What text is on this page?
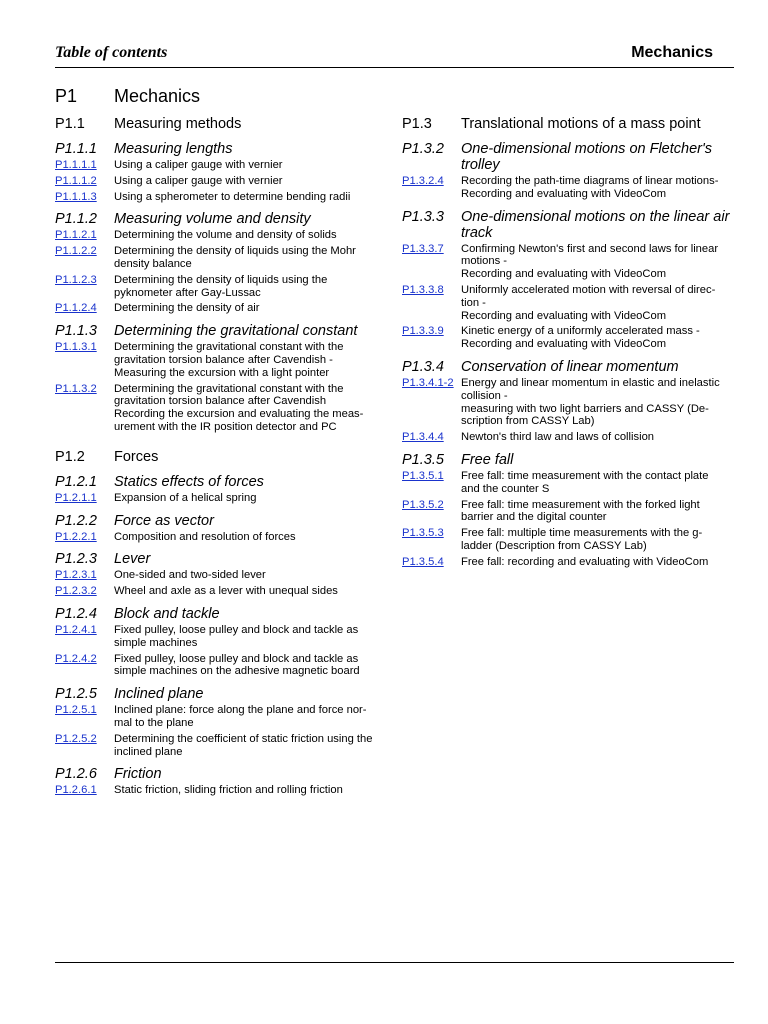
Table of contents	Mechanics
P1 Mechanics
P1.1	Measuring methods
P1.1.1	Measuring lengths
P1.1.1.1	Using a caliper gauge with vernier
P1.1.1.2	Using a caliper gauge with vernier
P1.1.1.3	Using a spherometer to determine bending radii
P1.1.2	Measuring volume and density
P1.1.2.1	Determining the volume and density of solids
P1.1.2.2	Determining the density of liquids using the Mohr
density balance
P1.1.2.3	Determining the density of liquids using the
pyknometer after Gay-Lussac
P1.1.2.4	Determining the density of air
P1.1.3	Determining the gravitational constant
P1.1.3.1	Determining the gravitational constant with the
gravitation torsion balance after Cavendish -
Measuring the excursion with a light pointer
P1.1.3.2	Determining the gravitational constant with the
gravitation torsion balance after Cavendish
Recording the excursion and evaluating the meas-
urement with the IR position detector and PC
P1.2	Forces
P1.2.1	Statics effects of forces
P1.2.1.1	Expansion of a helical spring
P1.2.2	Force as vector
P1.2.2.1	Composition and resolution of forces
P1.2.3	Lever
P1.2.3.1	One-sided and two-sided lever
P1.2.3.2	Wheel and axle as a lever with unequal sides
P1.2.4	Block and tackle
P1.2.4.1	Fixed pulley, loose pulley and block and tackle as
simple machines
P1.2.4.2	Fixed pulley, loose pulley and block and tackle as
simple machines on the adhesive magnetic board
P1.2.5	Inclined plane
P1.2.5.1	Inclined plane: force along the plane and force nor-
mal to the plane
P1.2.5.2	Determining the coefficient of static friction using the
inclined plane
P1.2.6	Friction
P1.2.6.1	Static friction, sliding friction and rolling friction
P1.3	Translational motions of a mass point
P1.3.2	One-dimensional motions on Fletcher's
trolley
P1.3.2.4	Recording the path-time diagrams of linear motions-
Recording and evaluating with VideoCom
P1.3.3	One-dimensional motions on the linear air
track
P1.3.3.7	Confirming Newton's first and second laws for linear
motions -
Recording and evaluating with VideoCom
P1.3.3.8	Uniformly accelerated motion with reversal of direc-
tion -
Recording and evaluating with VideoCom
P1.3.3.9	Kinetic energy of a uniformly accelerated mass -
Recording and evaluating with VideoCom
P1.3.4	Conservation of linear momentum
P1.3.4.1-2 Energy and linear momentum in elastic and inelastic
collision -
measuring with two light barriers and CASSY (De-
scription from CASSY Lab)
P1.3.4.4	Newton's third law and laws of collision
P1.3.5	Free fall
P1.3.5.1	Free fall: time measurement with the contact plate
and the counter S
P1.3.5.2	Free fall: time measurement with the forked light
barrier and the digital counter
P1.3.5.3	Free fall: multiple time measurements with the g-
ladder (Description from CASSY Lab)
P1.3.5.4	Free fall: recording and evaluating with VideoCom
